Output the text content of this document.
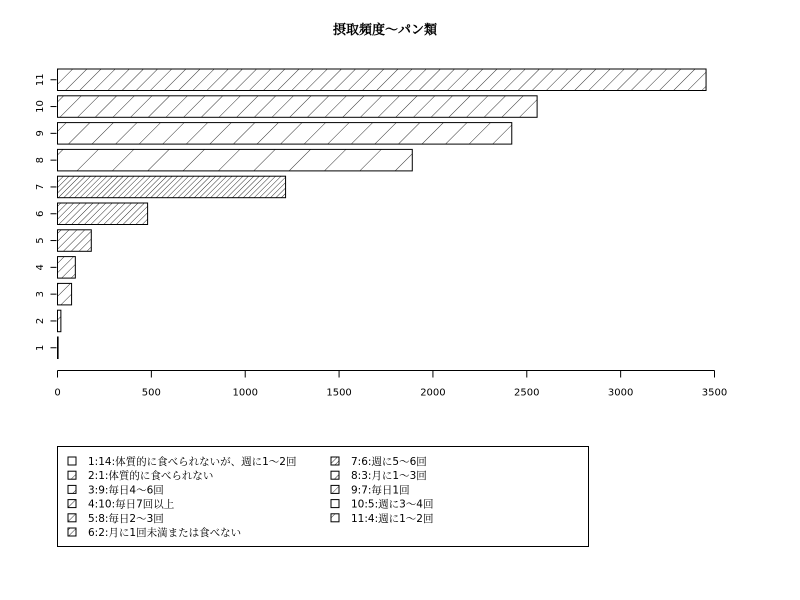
摂取頻度～パン類
1
2
3
4
5
6
7
8
9
10
11
0	500	1000	1500	2000	2500	3000	3500
1:14:体質的に食べられないが、週に1～2回
2:1:体質的に食べられない
3:9:毎日4～6回
4:10:毎日7回以上
5:8:毎日2～3回
6:2:月に1回未満または食べない
7:6:週に5～6回
8:3:月に1～3回
9:7:毎日1回
10:5:週に3～4回
11:4:週に1～2回
